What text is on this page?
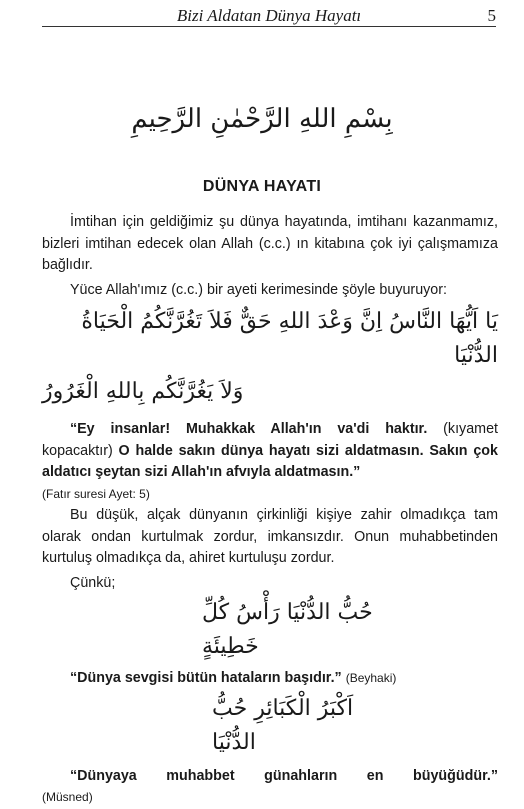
Bizi Aldatan Dünya Hayatı	5
بِسْمِ اللهِ الرَّحْمٰنِ الرَّحِيمِ
DÜNYA HAYATI

İmtihan için geldiğimiz şu dünya hayatında, imtihanı kazanmamız, bizleri imtihan edecek olan Allah (c.c.) ın kitabına çok iyi çalışmamıza bağlıdır.

Yüce Allah'ımız (c.c.) bir ayeti kerimesinde şöyle buyuruyor:

يَا اَيُّهَا النَّاسُ اِنَّ وَعْدَ اللهِ حَقٌّ فَلاَ تَغُرَّنَّكُمُ الْحَيَاةُ الدُّنْيَا
وَلاَ يَغُرَّنَّكُم بِاللهِ الْغَرُورُ

“Ey insanlar! Muhakkak Allah'ın va'di haktır. (kıyamet kopacaktır) O halde sakın dünya hayatı sizi aldatmasın. Sakın çok aldatıcı şeytan sizi Allah'ın afvıyla aldatmasın.”

(Fatır suresi Ayet: 5)

Bu düşük, alçak dünyanın çirkinliği kişiye zahir olmadıkça tam olarak ondan kurtulmak zordur, imkansızdır. Onun muhabbetinden kurtuluş olmadıkça da, ahiret kurtuluşu zordur.

Çünkü;

حُبُّ الدُّنْيَا رَأْسُ كُلِّ خَطِيئَةٍ

“Dünya sevgisi bütün hataların başıdır.” (Beyhaki)

اَكْبَرُ الْكَبَائِرِ حُبُّ الدُّنْيَا

“Dünyaya muhabbet günahların en büyüğüdür.”

(Müsned)
